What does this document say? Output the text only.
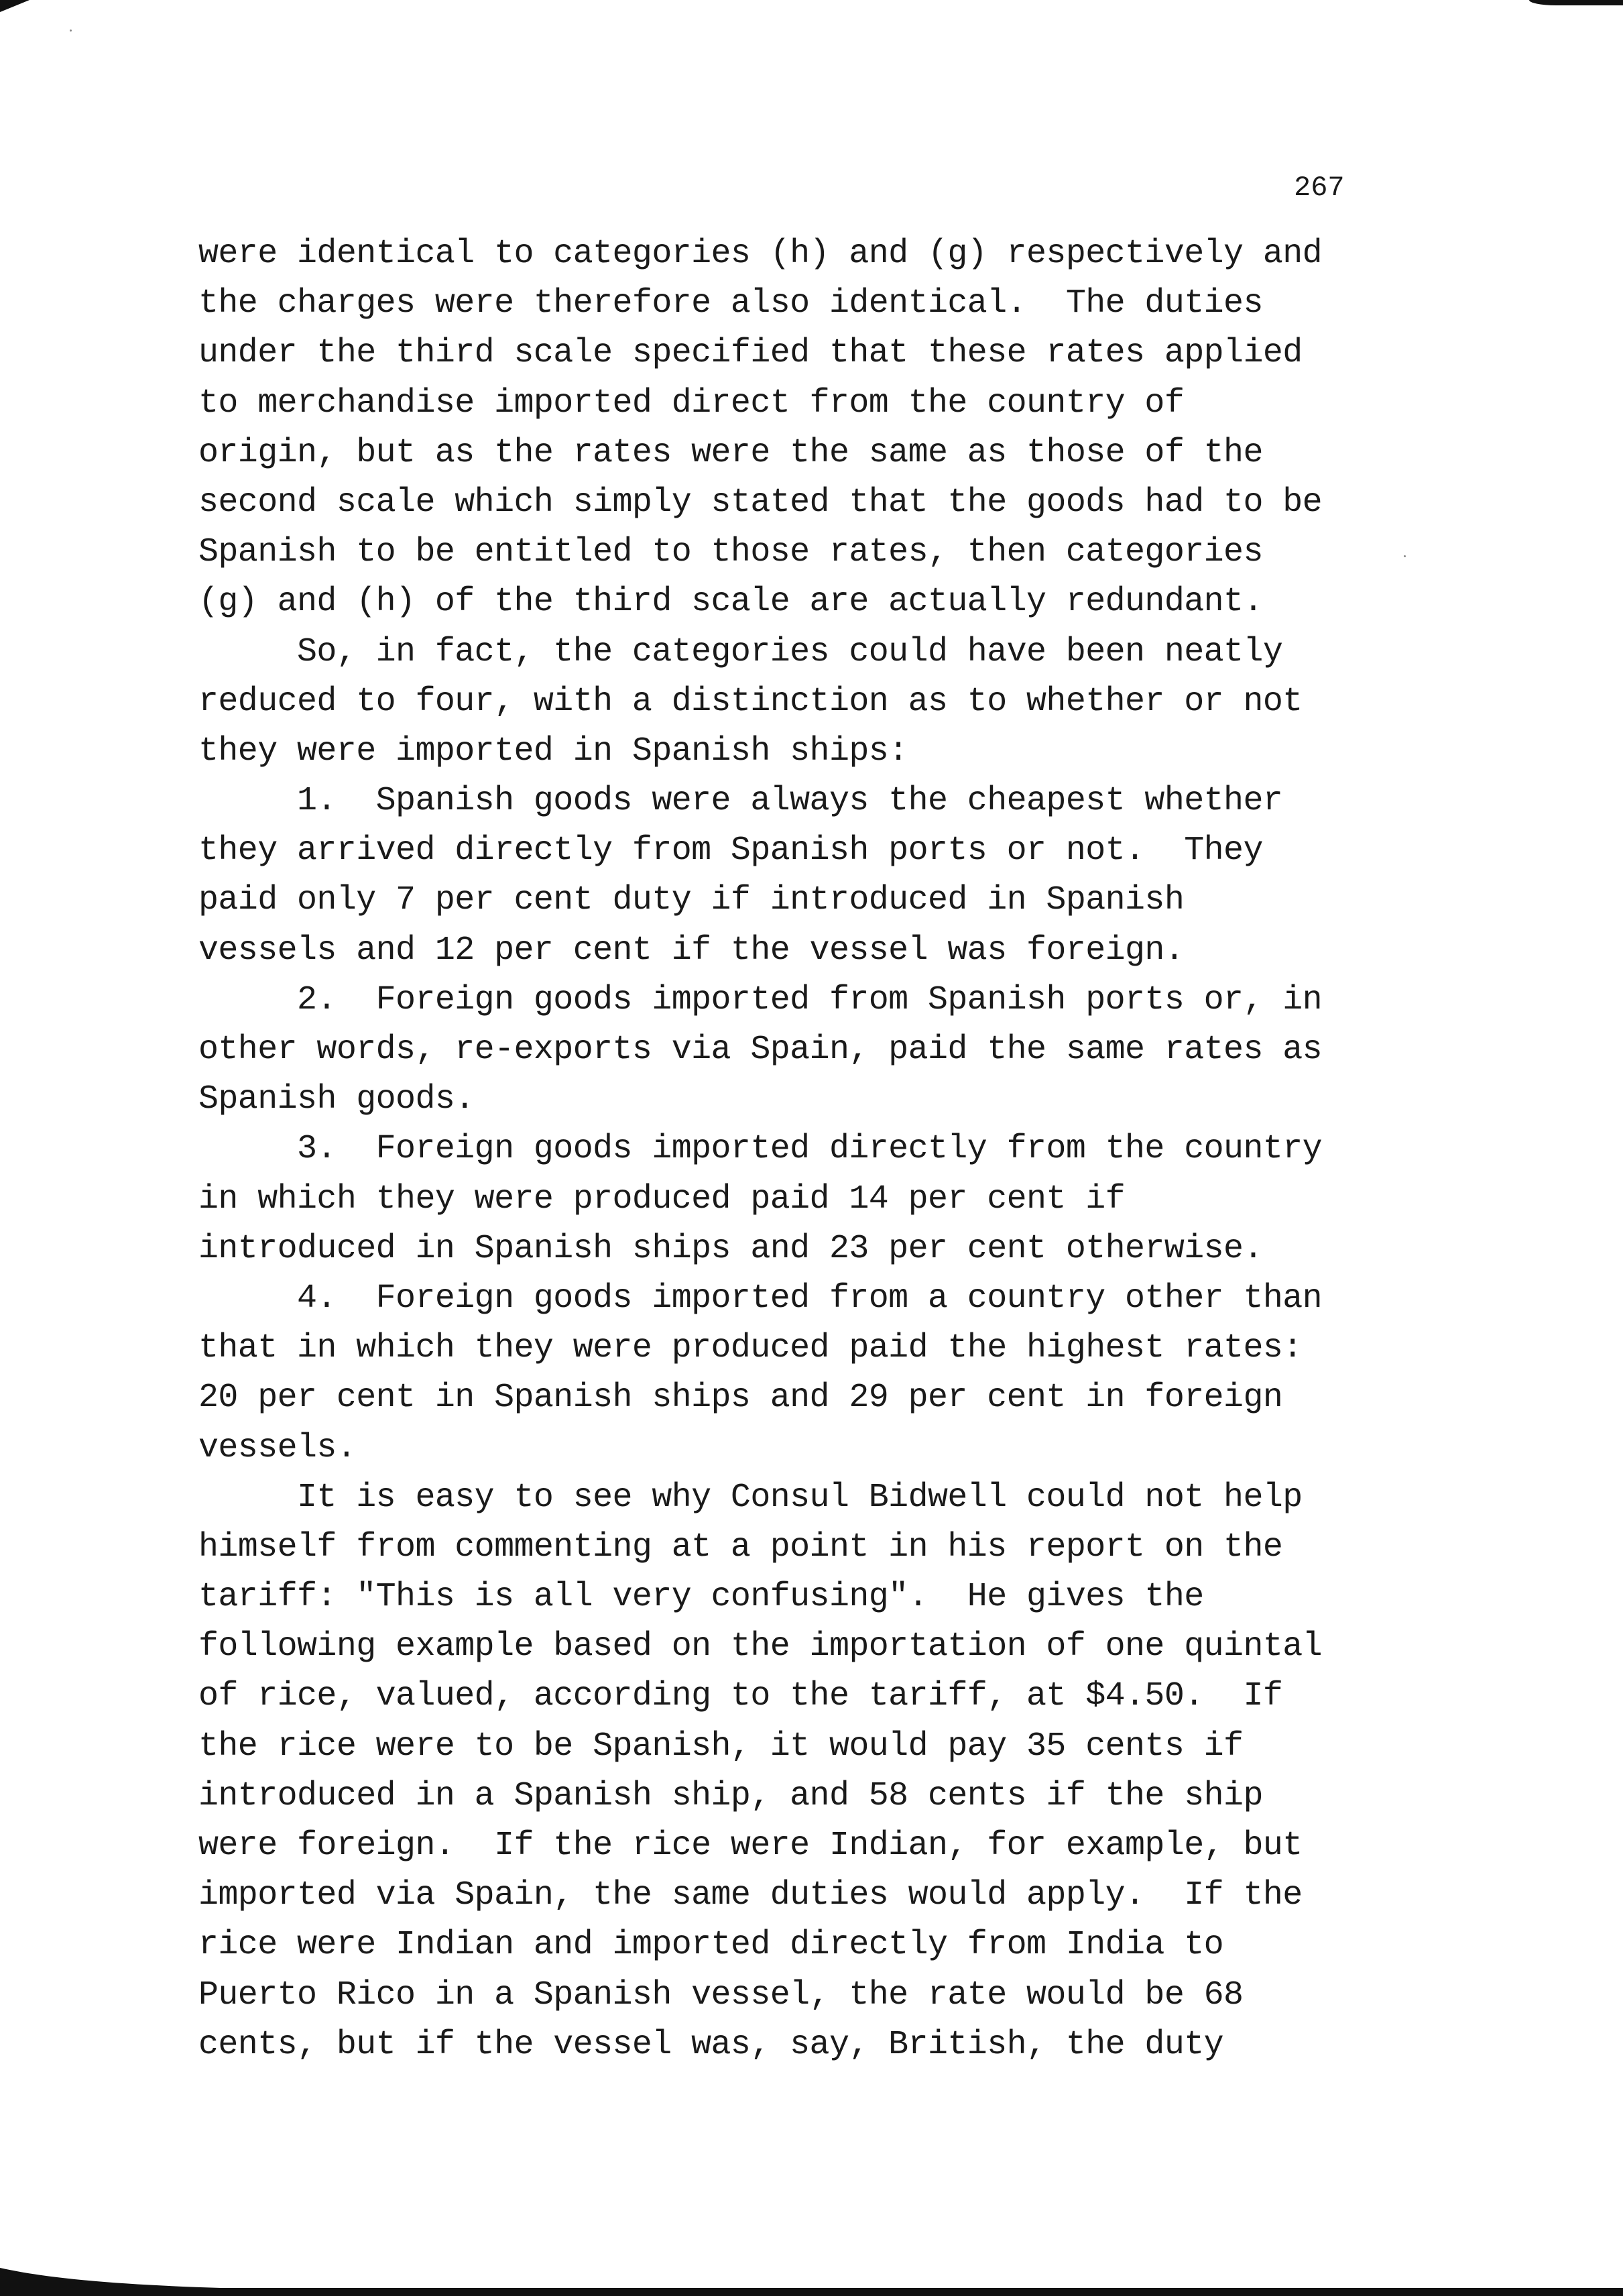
267
were identical to categories (h) and (g) respectively and
the charges were therefore also identical.  The duties
under the third scale specified that these rates applied
to merchandise imported direct from the country of
origin, but as the rates were the same as those of the
second scale which simply stated that the goods had to be
Spanish to be entitled to those rates, then categories
(g) and (h) of the third scale are actually redundant.
So, in fact, the categories could have been neatly
reduced to four, with a distinction as to whether or not
they were imported in Spanish ships:
1.  Spanish goods were always the cheapest whether
they arrived directly from Spanish ports or not.  They
paid only 7 per cent duty if introduced in Spanish
vessels and 12 per cent if the vessel was foreign.
2.  Foreign goods imported from Spanish ports or, in
other words, re-exports via Spain, paid the same rates as
Spanish goods.
3.  Foreign goods imported directly from the country
in which they were produced paid 14 per cent if
introduced in Spanish ships and 23 per cent otherwise.
4.  Foreign goods imported from a country other than
that in which they were produced paid the highest rates:
20 per cent in Spanish ships and 29 per cent in foreign
vessels.
It is easy to see why Consul Bidwell could not help
himself from commenting at a point in his report on the
tariff: "This is all very confusing".  He gives the
following example based on the importation of one quintal
of rice, valued, according to the tariff, at $4.50.  If
the rice were to be Spanish, it would pay 35 cents if
introduced in a Spanish ship, and 58 cents if the ship
were foreign.  If the rice were Indian, for example, but
imported via Spain, the same duties would apply.  If the
rice were Indian and imported directly from India to
Puerto Rico in a Spanish vessel, the rate would be 68
cents, but if the vessel was, say, British, the duty
